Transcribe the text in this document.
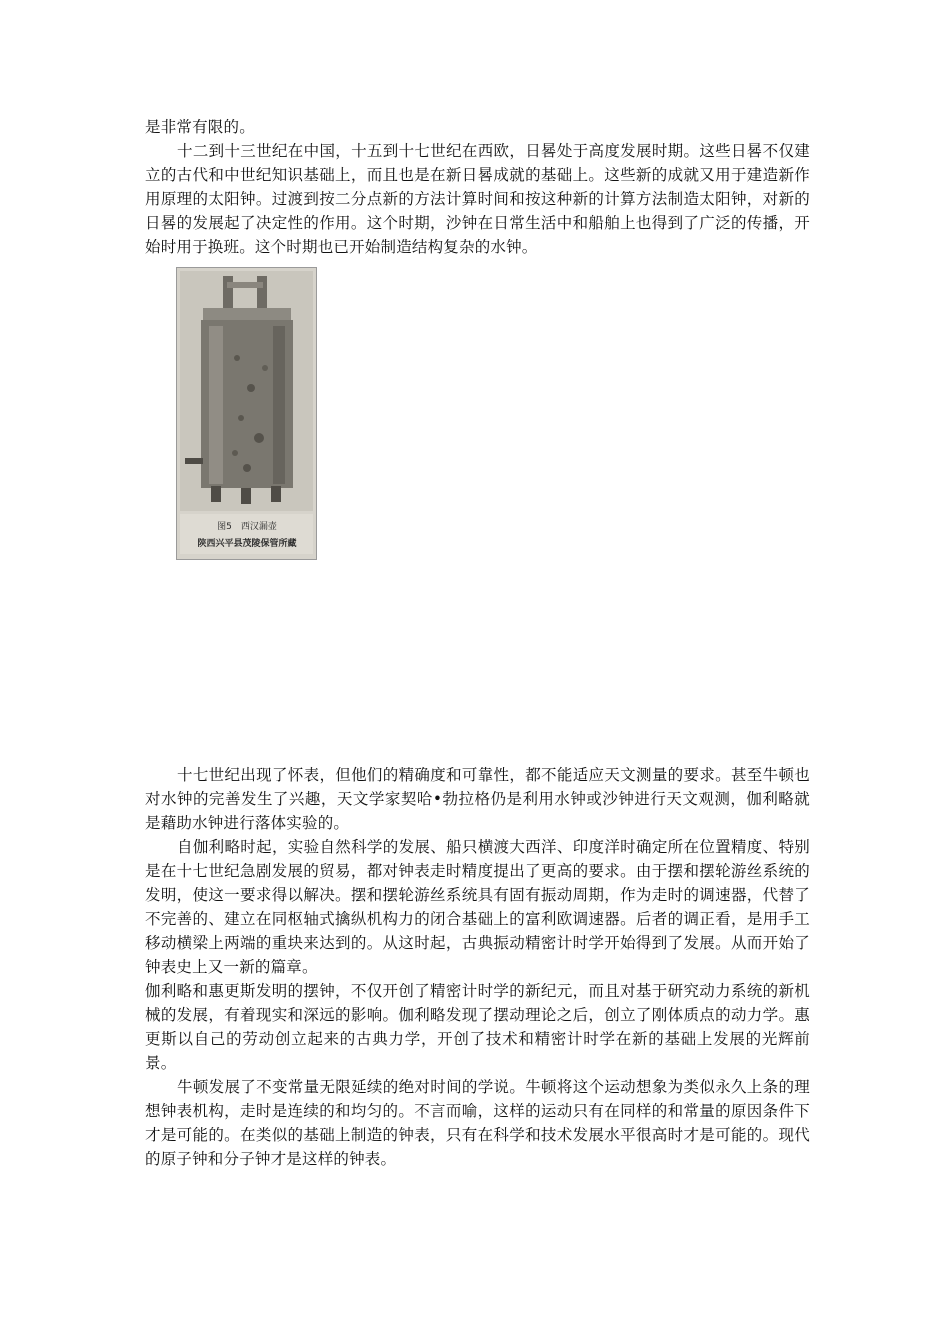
是非常有限的。

十二到十三世纪在中国，十五到十七世纪在西欧，日晷处于高度发展时期。这些日晷不仅建立的古代和中世纪知识基础上，而且也是在新日晷成就的基础上。这些新的成就又用于建造新作用原理的太阳钟。过渡到按二分点新的方法计算时间和按这种新的计算方法制造太阳钟，对新的日晷的发展起了决定性的作用。这个时期，沙钟在日常生活中和船舶上也得到了广泛的传播，开始时用于换班。这个时期也已开始制造结构复杂的水钟。

图5　西汉漏壶
陕西兴平县茂陵保管所藏

十七世纪出现了怀表，但他们的精确度和可靠性，都不能适应天文测量的要求。甚至牛顿也对水钟的完善发生了兴趣，天文学家契哈•勃拉格仍是利用水钟或沙钟进行天文观测，伽利略就是藉助水钟进行落体实验的。

自伽利略时起，实验自然科学的发展、船只横渡大西洋、印度洋时确定所在位置精度、特别是在十七世纪急剧发展的贸易，都对钟表走时精度提出了更高的要求。由于摆和摆轮游丝系统的发明，使这一要求得以解决。摆和摆轮游丝系统具有固有振动周期，作为走时的调速器，代替了不完善的、建立在同枢轴式擒纵机构力的闭合基础上的富利欧调速器。后者的调正看，是用手工移动横梁上两端的重块来达到的。从这时起，古典振动精密计时学开始得到了发展。从而开始了钟表史上又一新的篇章。

伽利略和惠更斯发明的摆钟，不仅开创了精密计时学的新纪元，而且对基于研究动力系统的新机械的发展，有着现实和深远的影响。伽利略发现了摆动理论之后，创立了刚体质点的动力学。惠更斯以自己的劳动创立起来的古典力学，开创了技术和精密计时学在新的基础上发展的光辉前景。

牛顿发展了不变常量无限延续的绝对时间的学说。牛顿将这个运动想象为类似永久上条的理想钟表机构，走时是连续的和均匀的。不言而喻，这样的运动只有在同样的和常量的原因条件下才是可能的。在类似的基础上制造的钟表，只有在科学和技术发展水平很高时才是可能的。现代的原子钟和分子钟才是这样的钟表。
